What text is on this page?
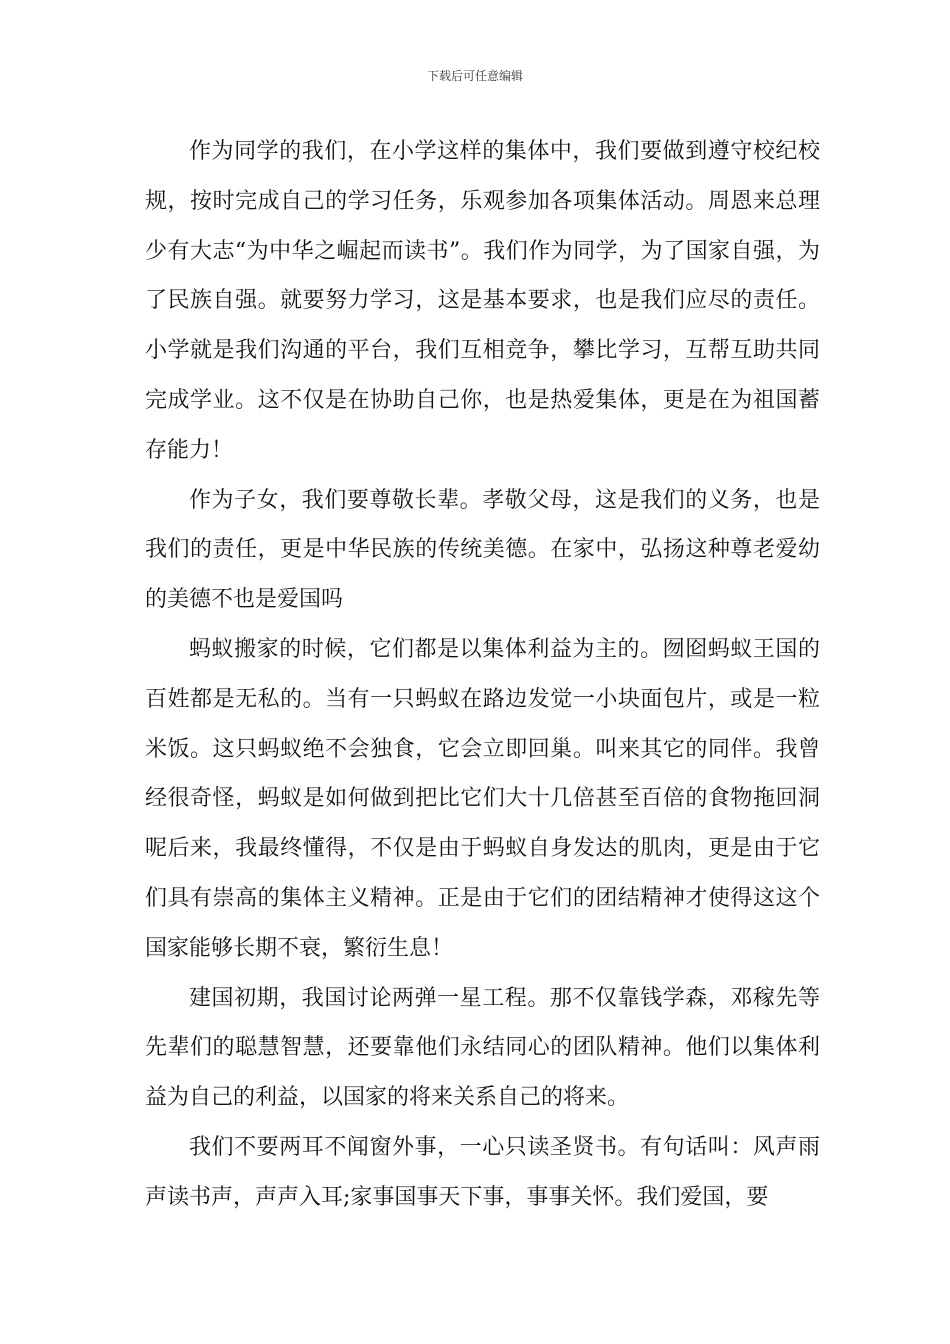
下载后可任意编辑

作为同学的我们，在小学这样的集体中，我们要做到遵守校纪校规，按时完成自己的学习任务，乐观参加各项集体活动。周恩来总理少有大志“为中华之崛起而读书”。我们作为同学，为了国家自强，为了民族自强。就要努力学习，这是基本要求，也是我们应尽的责任。小学就是我们沟通的平台，我们互相竞争，攀比学习，互帮互助共同完成学业。这不仅是在协助自己你，也是热爱集体，更是在为祖国蓄存能力！

作为子女，我们要尊敬长辈。孝敬父母，这是我们的义务，也是我们的责任，更是中华民族的传统美德。在家中，弘扬这种尊老爱幼的美德不也是爱国吗

蚂蚁搬家的时候，它们都是以集体利益为主的。囫囵蚂蚁王国的百姓都是无私的。当有一只蚂蚁在路边发觉一小块面包片，或是一粒米饭。这只蚂蚁绝不会独食，它会立即回巢。叫来其它的同伴。我曾经很奇怪，蚂蚁是如何做到把比它们大十几倍甚至百倍的食物拖回洞呢后来，我最终懂得，不仅是由于蚂蚁自身发达的肌肉，更是由于它们具有崇高的集体主义精神。正是由于它们的团结精神才使得这这个国家能够长期不衰，繁衍生息！

建国初期，我国讨论两弹一星工程。那不仅靠钱学森，邓稼先等先辈们的聪慧智慧，还要靠他们永结同心的团队精神。他们以集体利益为自己的利益，以国家的将来关系自己的将来。

我们不要两耳不闻窗外事，一心只读圣贤书。有句话叫：风声雨声读书声，声声入耳;家事国事天下事，事事关怀。我们爱国，要
